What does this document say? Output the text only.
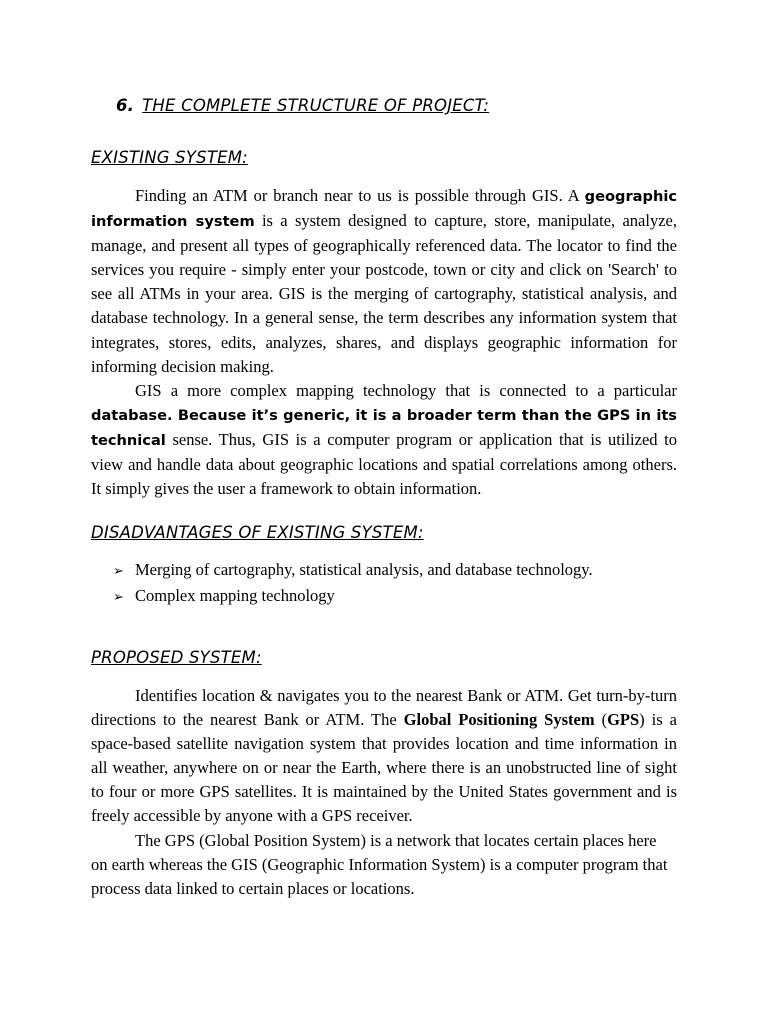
6. THE COMPLETE STRUCTURE OF PROJECT:
EXISTING SYSTEM:

Finding an ATM or branch near to us is possible through GIS. A geographic information system is a system designed to capture, store, manipulate, analyze, manage, and present all types of geographically referenced data. The locator to find the services you require - simply enter your postcode, town or city and click on 'Search' to see all ATMs in your area. GIS is the merging of cartography, statistical analysis, and database technology. In a general sense, the term describes any information system that integrates, stores, edits, analyzes, shares, and displays geographic information for informing decision making.

GIS a more complex mapping technology that is connected to a particular database. Because it’s generic, it is a broader term than the GPS in its technical sense. Thus, GIS is a computer program or application that is utilized to view and handle data about geographic locations and spatial correlations among others. It simply gives the user a framework to obtain information.

DISADVANTAGES OF EXISTING SYSTEM:
➢ Merging of cartography, statistical analysis, and database technology.
➢ Complex mapping technology
PROPOSED SYSTEM:

Identifies location & navigates you to the nearest Bank or ATM. Get turn-by-turn directions to the nearest Bank or ATM. The Global Positioning System (GPS) is a space-based satellite navigation system that provides location and time information in all weather, anywhere on or near the Earth, where there is an unobstructed line of sight to four or more GPS satellites. It is maintained by the United States government and is freely accessible by anyone with a GPS receiver.

The GPS (Global Position System) is a network that locates certain places here on earth whereas the GIS (Geographic Information System) is a computer program that process data linked to certain places or locations.
